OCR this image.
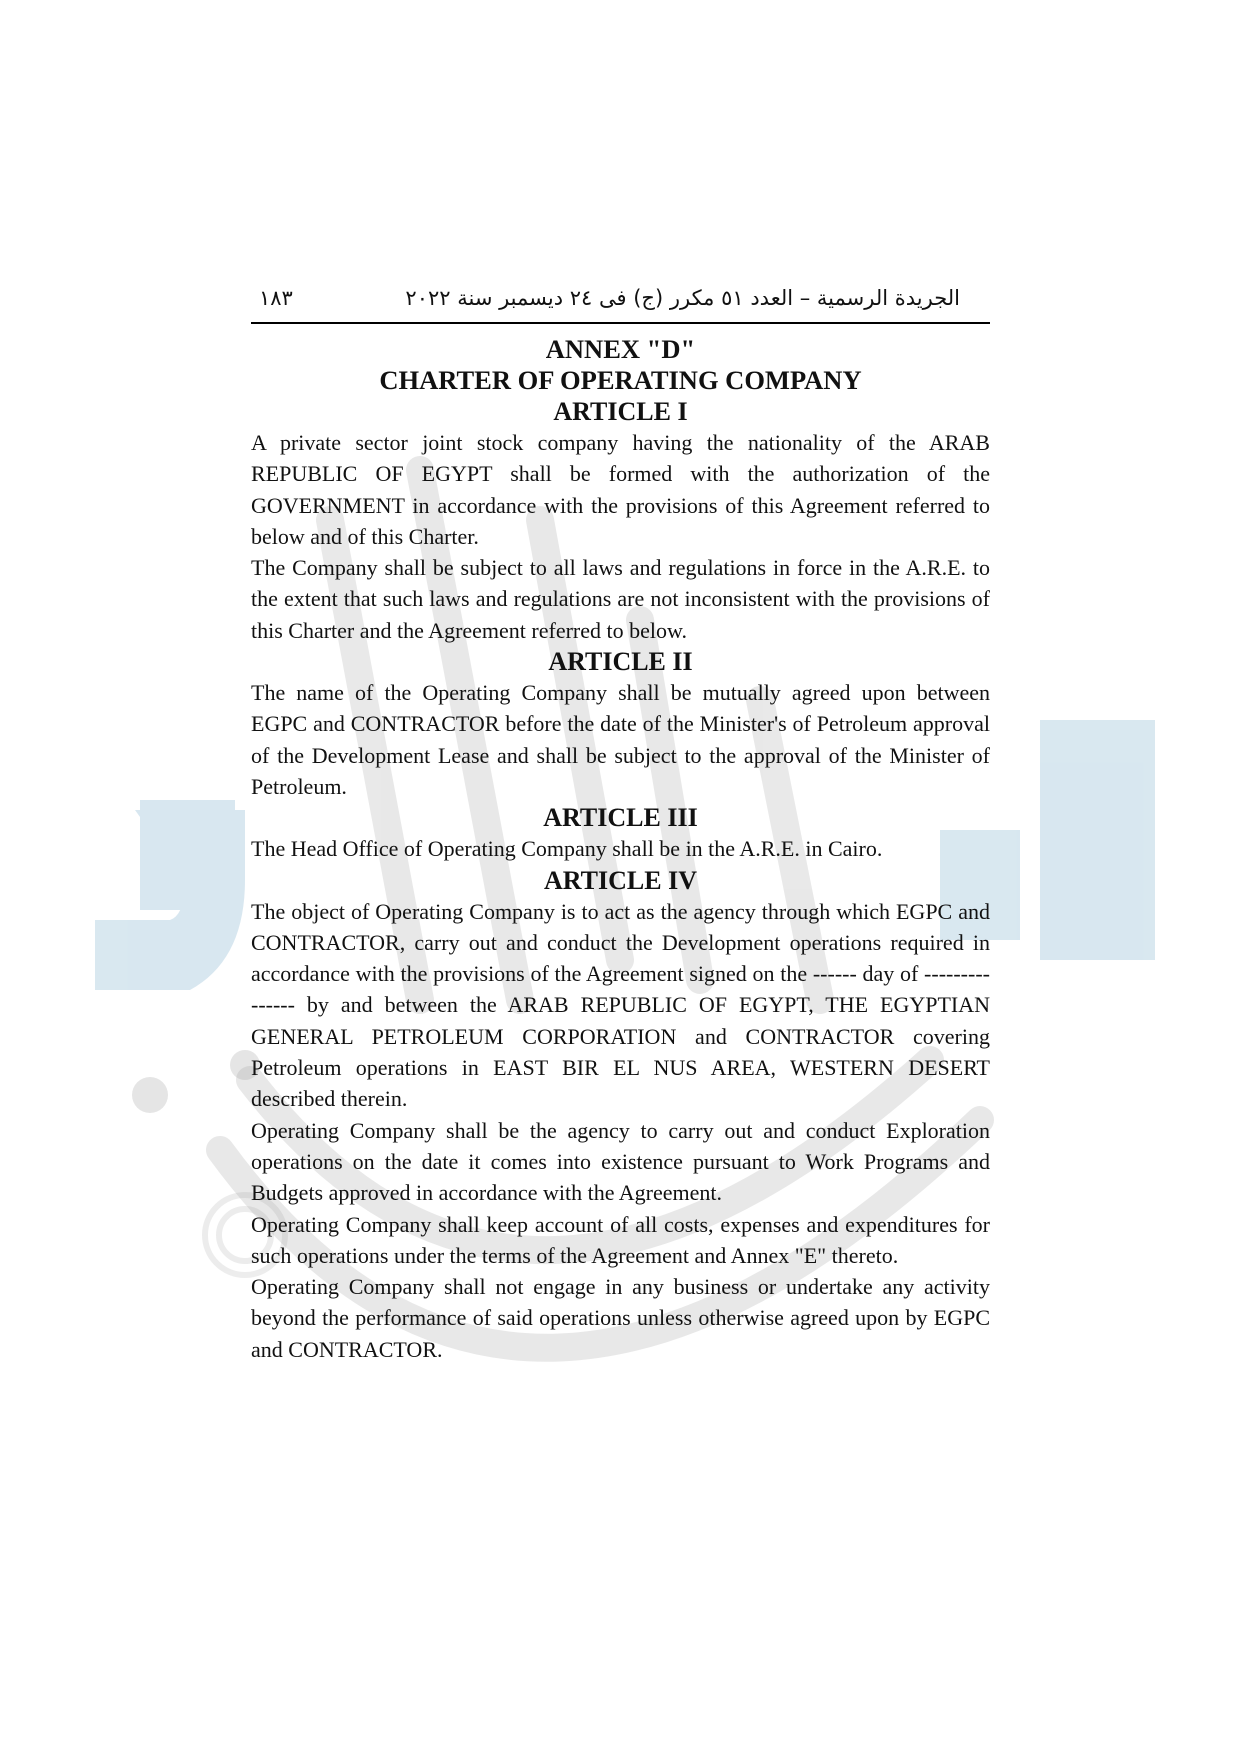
الجريدة الرسمية – العدد ٥١ مكرر (ج) فى ٢٤ ديسمبر سنة ٢٠٢٢
١٨٣
ANNEX "D"
CHARTER OF OPERATING COMPANY
ARTICLE I

A private sector joint stock company having the nationality of the ARAB REPUBLIC OF EGYPT shall be formed with the authorization of the GOVERNMENT in accordance with the provisions of this Agreement referred to below and of this Charter.

The Company shall be subject to all laws and regulations in force in the A.R.E. to the extent that such laws and regulations are not inconsistent with the provisions of this Charter and the Agreement referred to below.

ARTICLE II

The name of the Operating Company shall be mutually agreed upon between EGPC and CONTRACTOR before the date of the Minister's of Petroleum approval of the Development Lease and shall be subject to the approval of the Minister of Petroleum.

ARTICLE III

The Head Office of Operating Company shall be in the A.R.E. in Cairo.

ARTICLE IV

The object of Operating Company is to act as the agency through which EGPC and CONTRACTOR, carry out and conduct the Development operations required in accordance with the provisions of the Agreement signed on the ------ day of --------------- by and between the ARAB REPUBLIC OF EGYPT, THE EGYPTIAN GENERAL PETROLEUM CORPORATION and CONTRACTOR covering Petroleum operations in EAST BIR EL NUS AREA, WESTERN DESERT described therein.

Operating Company shall be the agency to carry out and conduct Exploration operations on the date it comes into existence pursuant to Work Programs and Budgets approved in accordance with the Agreement.

Operating Company shall keep account of all costs, expenses and expenditures for such operations under the terms of the Agreement and Annex "E" thereto.

Operating Company shall not engage in any business or undertake any activity beyond the performance of said operations unless otherwise agreed upon by EGPC and CONTRACTOR.
